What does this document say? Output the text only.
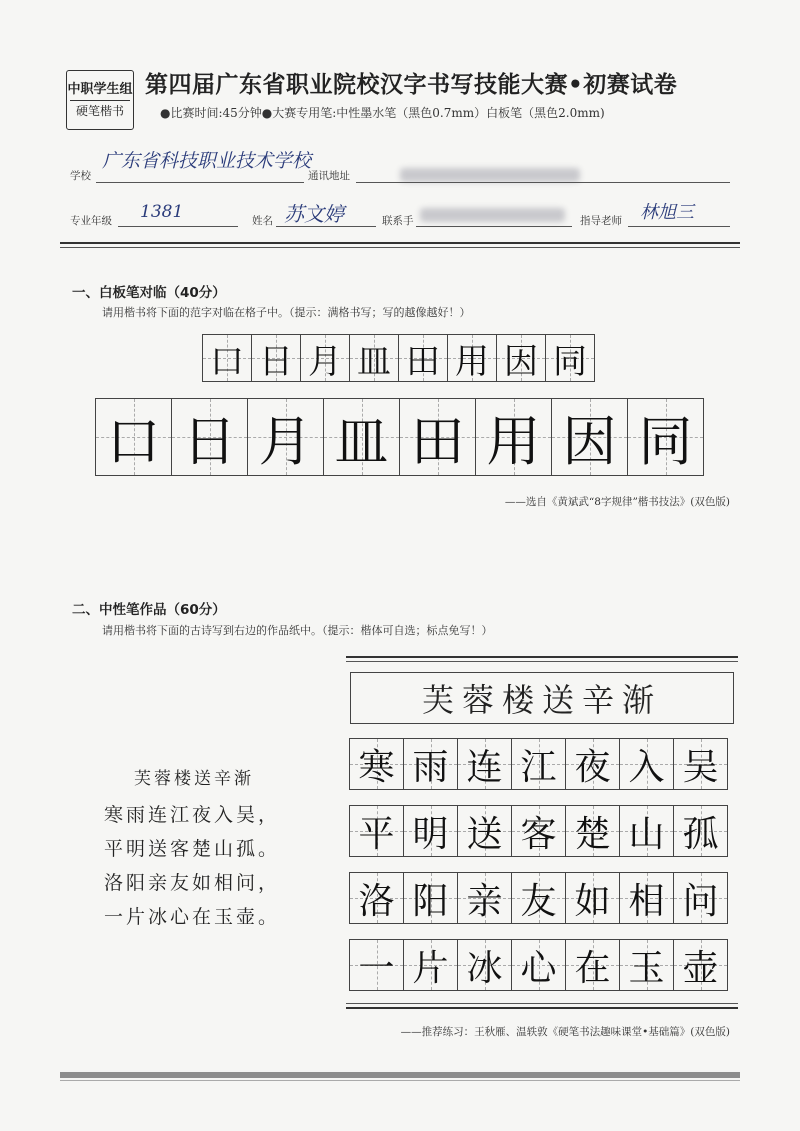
中职学生组
硬笔楷书
第四届广东省职业院校汉字书写技能大赛•初赛试卷
●比赛时间:45分钟●大赛专用笔:中性墨水笔（黑色0.7mm）白板笔（黑色2.0mm)
学校
广东省科技职业技术学校
通讯地址
专业年级 1381	姓名 苏文婷	联系手	指导老师 林旭三
一、白板笔对临（40分）
请用楷书将下面的范字对临在格子中。（提示：满格书写；写的越像越好！）
口 日 月 皿 田 用 因 同
口 日 月 皿 田 用 因 同
——选自《黄斌武“8字规律”楷书技法》(双色版)
二、中性笔作品（60分）
请用楷书将下面的古诗写到右边的作品纸中。（提示：楷体可自选；标点免写！）
芙蓉楼送辛渐
寒雨连江夜入吴，
平明送客楚山孤。
洛阳亲友如相问，
一片冰心在玉壶。
芙蓉楼送辛渐
寒 雨 连 江 夜 入 吴
平 明 送 客 楚 山 孤
洛 阳 亲 友 如 相 问
一 片 冰 心 在 玉 壶
——推荐练习：王秋雁、温轶敦《硬笔书法趣味课堂•基础篇》(双色版)
